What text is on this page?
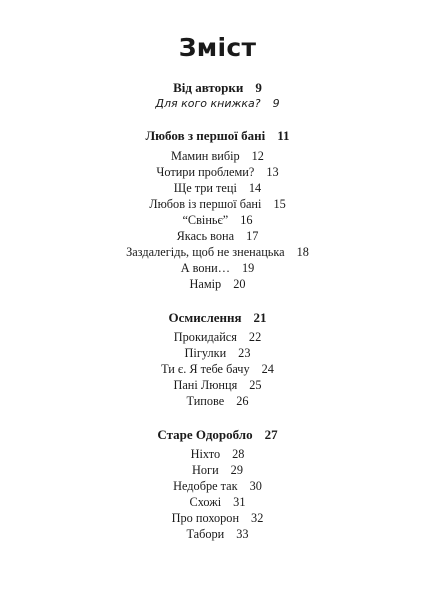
Зміст
Від авторки 9
Для кого книжка? 9
Любов з першої бані 11
Мамин вибір 12
Чотири проблеми? 13
Ще три теці 14
Любов із першої бані 15
“Свіньє” 16
Якась вона 17
Заздалегідь, щоб не зненацька 18
А вони… 19
Намір 20
Осмислення 21
Прокидайся 22
Пігулки 23
Ти є. Я тебе бачу 24
Пані Люнця 25
Типове 26
Старе Одоробло 27
Ніхто 28
Ноги 29
Недобре так 30
Схожі 31
Про похорон 32
Табори 33
